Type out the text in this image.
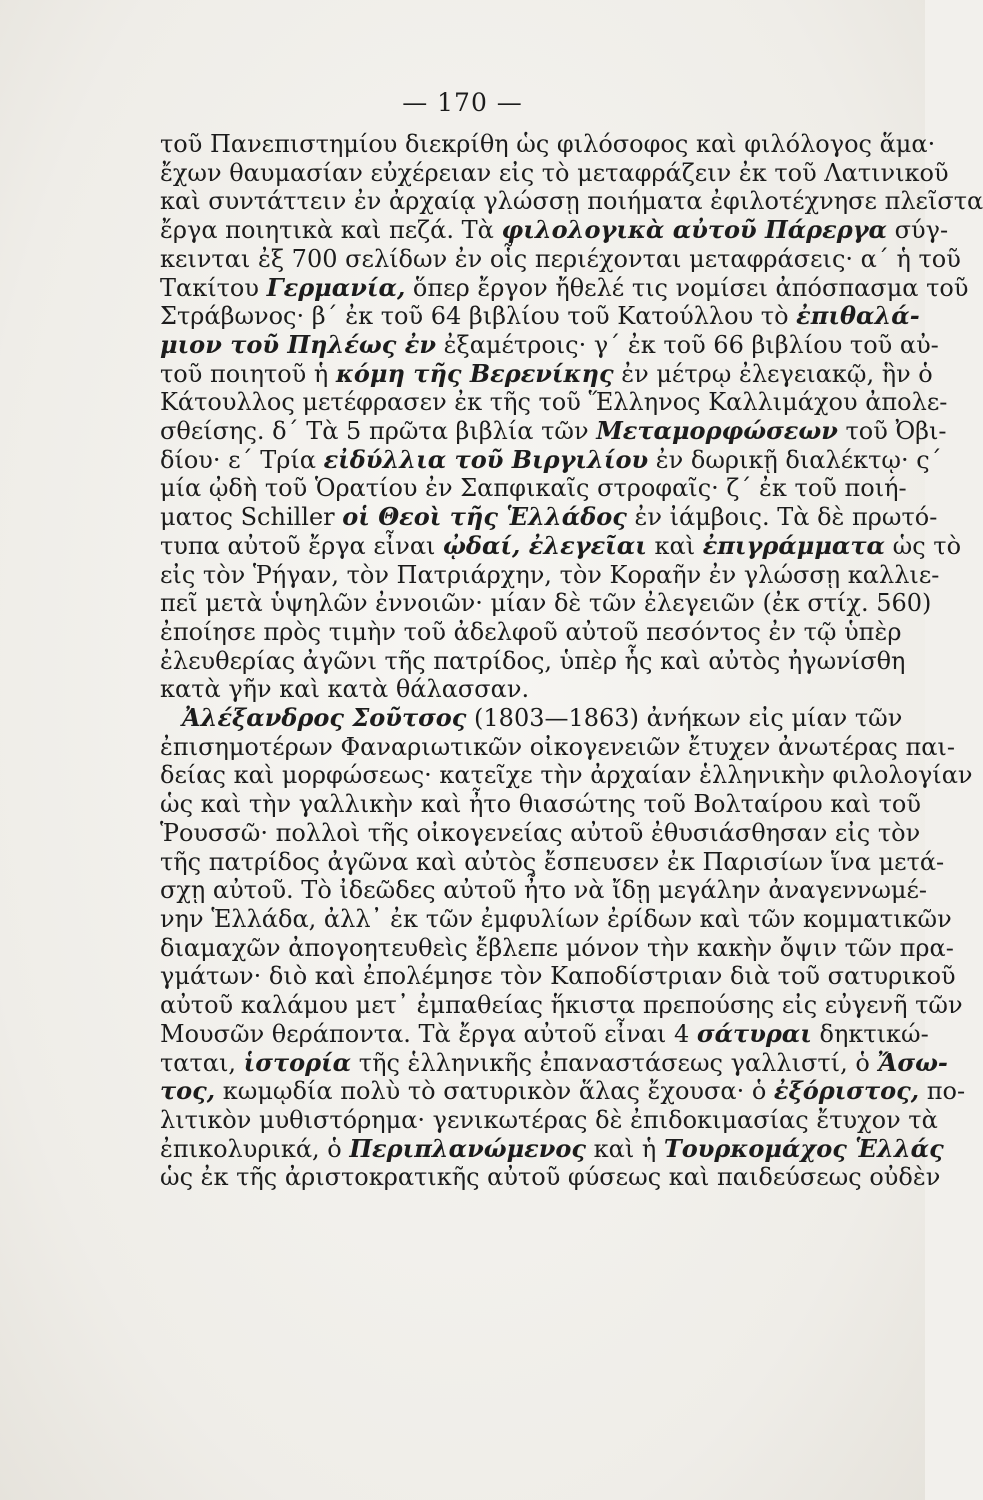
— 170 —
τοῦ Πανεπιστημίου διεκρίθη ὡς φιλόσοφος καὶ φιλόλογος ἅμα·
ἔχων θαυμασίαν εὐχέρειαν εἰς τὸ μεταφράζειν ἐκ τοῦ Λατινικοῦ
καὶ συντάττειν ἐν ἀρχαίᾳ γλώσσῃ ποιήματα ἐφιλοτέχνησε πλεῖστα
ἔργα ποιητικὰ καὶ πεζά. Τὰ φιλολογικὰ αὐτοῦ Πάρεργα σύγ-
κεινται ἐξ 700 σελίδων ἐν οἷς περιέχονται μεταφράσεις· α΄ ἡ τοῦ
Τακίτου Γερμανία, ὅπερ ἔργον ἤθελέ τις νομίσει ἀπόσπασμα τοῦ
Στράβωνος· β΄ ἐκ τοῦ 64 βιβλίου τοῦ Κατούλλου τὸ ἐπιθαλά-
μιον τοῦ Πηλέως ἐν ἐξαμέτροις· γ΄ ἐκ τοῦ 66 βιβλίου τοῦ αὐ-
τοῦ ποιητοῦ ἡ κόμη τῆς Βερενίκης ἐν μέτρῳ ἐλεγειακῷ, ἣν ὁ
Κάτουλλος μετέφρασεν ἐκ τῆς τοῦ Ἕλληνος Καλλιμάχου ἀπολε-
σθείσης. δ΄ Τὰ 5 πρῶτα βιβλία τῶν Μεταμορφώσεων τοῦ Ὀβι-
δίου· ε΄ Τρία εἰδύλλια τοῦ Βιργιλίου ἐν δωρικῇ διαλέκτῳ· ς΄
μία ᾠδὴ τοῦ Ὁρατίου ἐν Σαπφικαῖς στροφαῖς· ζ΄ ἐκ τοῦ ποιή-
ματος Schiller οἱ Θεοὶ τῆς Ἑλλάδος ἐν ἰάμβοις. Τὰ δὲ πρωτό-
τυπα αὐτοῦ ἔργα εἶναι ᾠδαί, ἐλεγεῖαι καὶ ἐπιγράμματα ὡς τὸ
εἰς τὸν Ῥήγαν, τὸν Πατριάρχην, τὸν Κοραῆν ἐν γλώσσῃ καλλιε-
πεῖ μετὰ ὑψηλῶν ἐννοιῶν· μίαν δὲ τῶν ἐλεγειῶν (ἐκ στίχ. 560)
ἐποίησε πρὸς τιμὴν τοῦ ἀδελφοῦ αὐτοῦ πεσόντος ἐν τῷ ὑπὲρ
ἐλευθερίας ἀγῶνι τῆς πατρίδος, ὑπὲρ ἧς καὶ αὐτὸς ἠγωνίσθη
κατὰ γῆν καὶ κατὰ θάλασσαν.
Ἀλέξανδρος Σοῦτσος (1803—1863) ἀνήκων εἰς μίαν τῶν
ἐπισημοτέρων Φαναριωτικῶν οἰκογενειῶν ἔτυχεν ἀνωτέρας παι-
δείας καὶ μορφώσεως· κατεῖχε τὴν ἀρχαίαν ἑλληνικὴν φιλολογίαν
ὡς καὶ τὴν γαλλικὴν καὶ ἦτο θιασώτης τοῦ Βολταίρου καὶ τοῦ
Ῥουσσῶ· πολλοὶ τῆς οἰκογενείας αὐτοῦ ἐθυσιάσθησαν εἰς τὸν
τῆς πατρίδος ἀγῶνα καὶ αὐτὸς ἔσπευσεν ἐκ Παρισίων ἵνα μετά-
σχῃ αὐτοῦ. Τὸ ἰδεῶδες αὐτοῦ ἦτο νὰ ἴδῃ μεγάλην ἀναγεννωμέ-
νην Ἑλλάδα, ἀλλ᾽ ἐκ τῶν ἐμφυλίων ἐρίδων καὶ τῶν κομματικῶν
διαμαχῶν ἀπογοητευθεὶς ἔβλεπε μόνον τὴν κακὴν ὄψιν τῶν πρα-
γμάτων· διὸ καὶ ἐπολέμησε τὸν Καποδίστριαν διὰ τοῦ σατυρικοῦ
αὐτοῦ καλάμου μετ᾽ ἐμπαθείας ἥκιστα πρεπούσης εἰς εὐγενῆ τῶν
Μουσῶν θεράποντα. Τὰ ἔργα αὐτοῦ εἶναι 4 σάτυραι δηκτικώ-
ταται, ἱστορία τῆς ἑλληνικῆς ἐπαναστάσεως γαλλιστί, ὁ Ἄσω-
τος, κωμῳδία πολὺ τὸ σατυρικὸν ἅλας ἔχουσα· ὁ ἐξόριστος, πο-
λιτικὸν μυθιστόρημα· γενικωτέρας δὲ ἐπιδοκιμασίας ἔτυχον τὰ
ἐπικολυρικά, ὁ Περιπλανώμενος καὶ ἡ Τουρκομάχος Ἑλλάς
ὡς ἐκ τῆς ἀριστοκρατικῆς αὐτοῦ φύσεως καὶ παιδεύσεως οὐδὲν
